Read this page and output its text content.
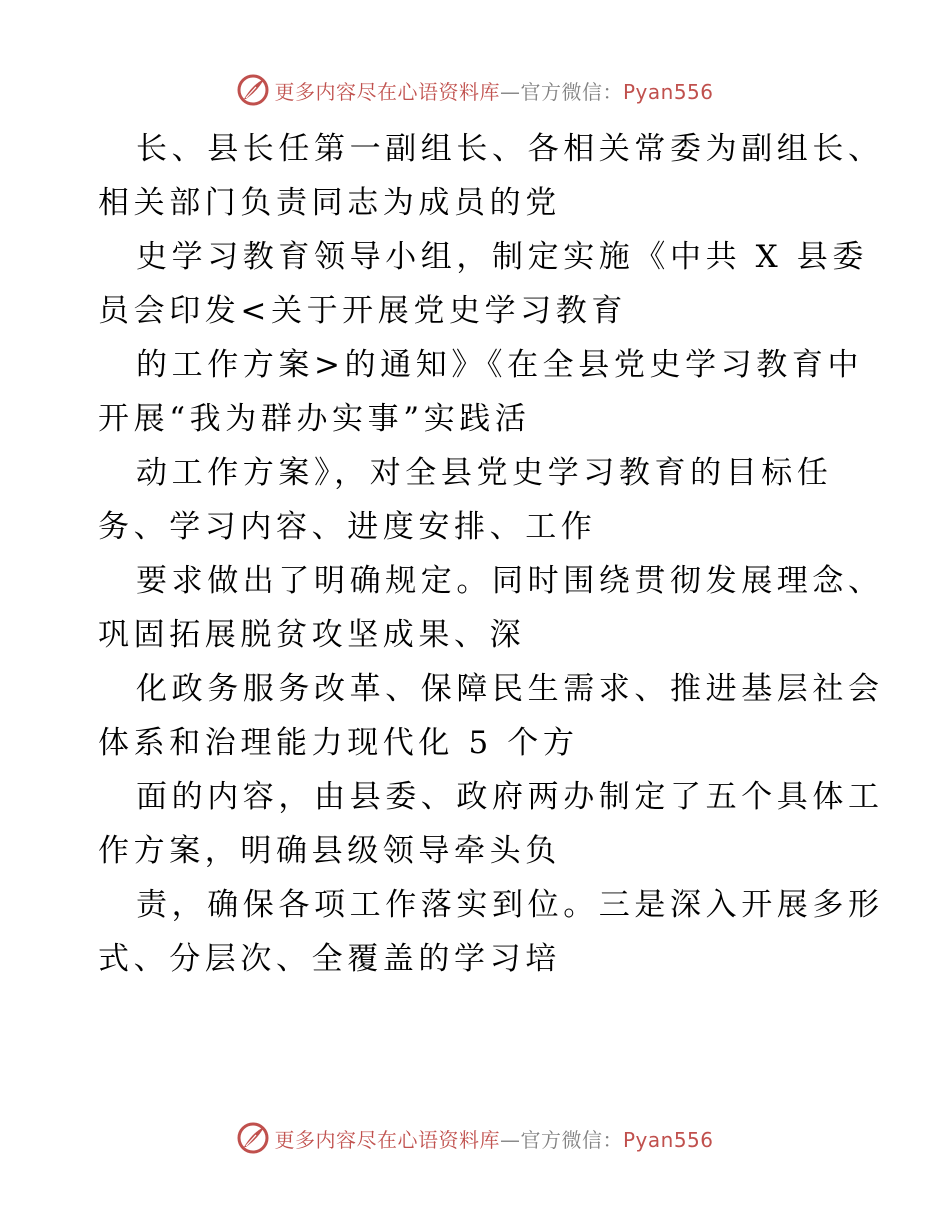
更多内容尽在心语资料库—官方微信：Pyan556
长、县长任第一副组长、各相关常委为副组长、
相关部门负责同志为成员的党
史学习教育领导小组，制定实施《中共 X 县委
员会印发<关于开展党史学习教育
的工作方案>的通知》《在全县党史学习教育中
开展“我为群办实事”实践活
动工作方案》，对全县党史学习教育的目标任
务、学习内容、进度安排、工作
要求做出了明确规定。同时围绕贯彻发展理念、
巩固拓展脱贫攻坚成果、深
化政务服务改革、保障民生需求、推进基层社会
体系和治理能力现代化 5 个方
面的内容，由县委、政府两办制定了五个具体工
作方案，明确县级领导牵头负
责，确保各项工作落实到位。三是深入开展多形
式、分层次、全覆盖的学习培
更多内容尽在心语资料库—官方微信：Pyan556
